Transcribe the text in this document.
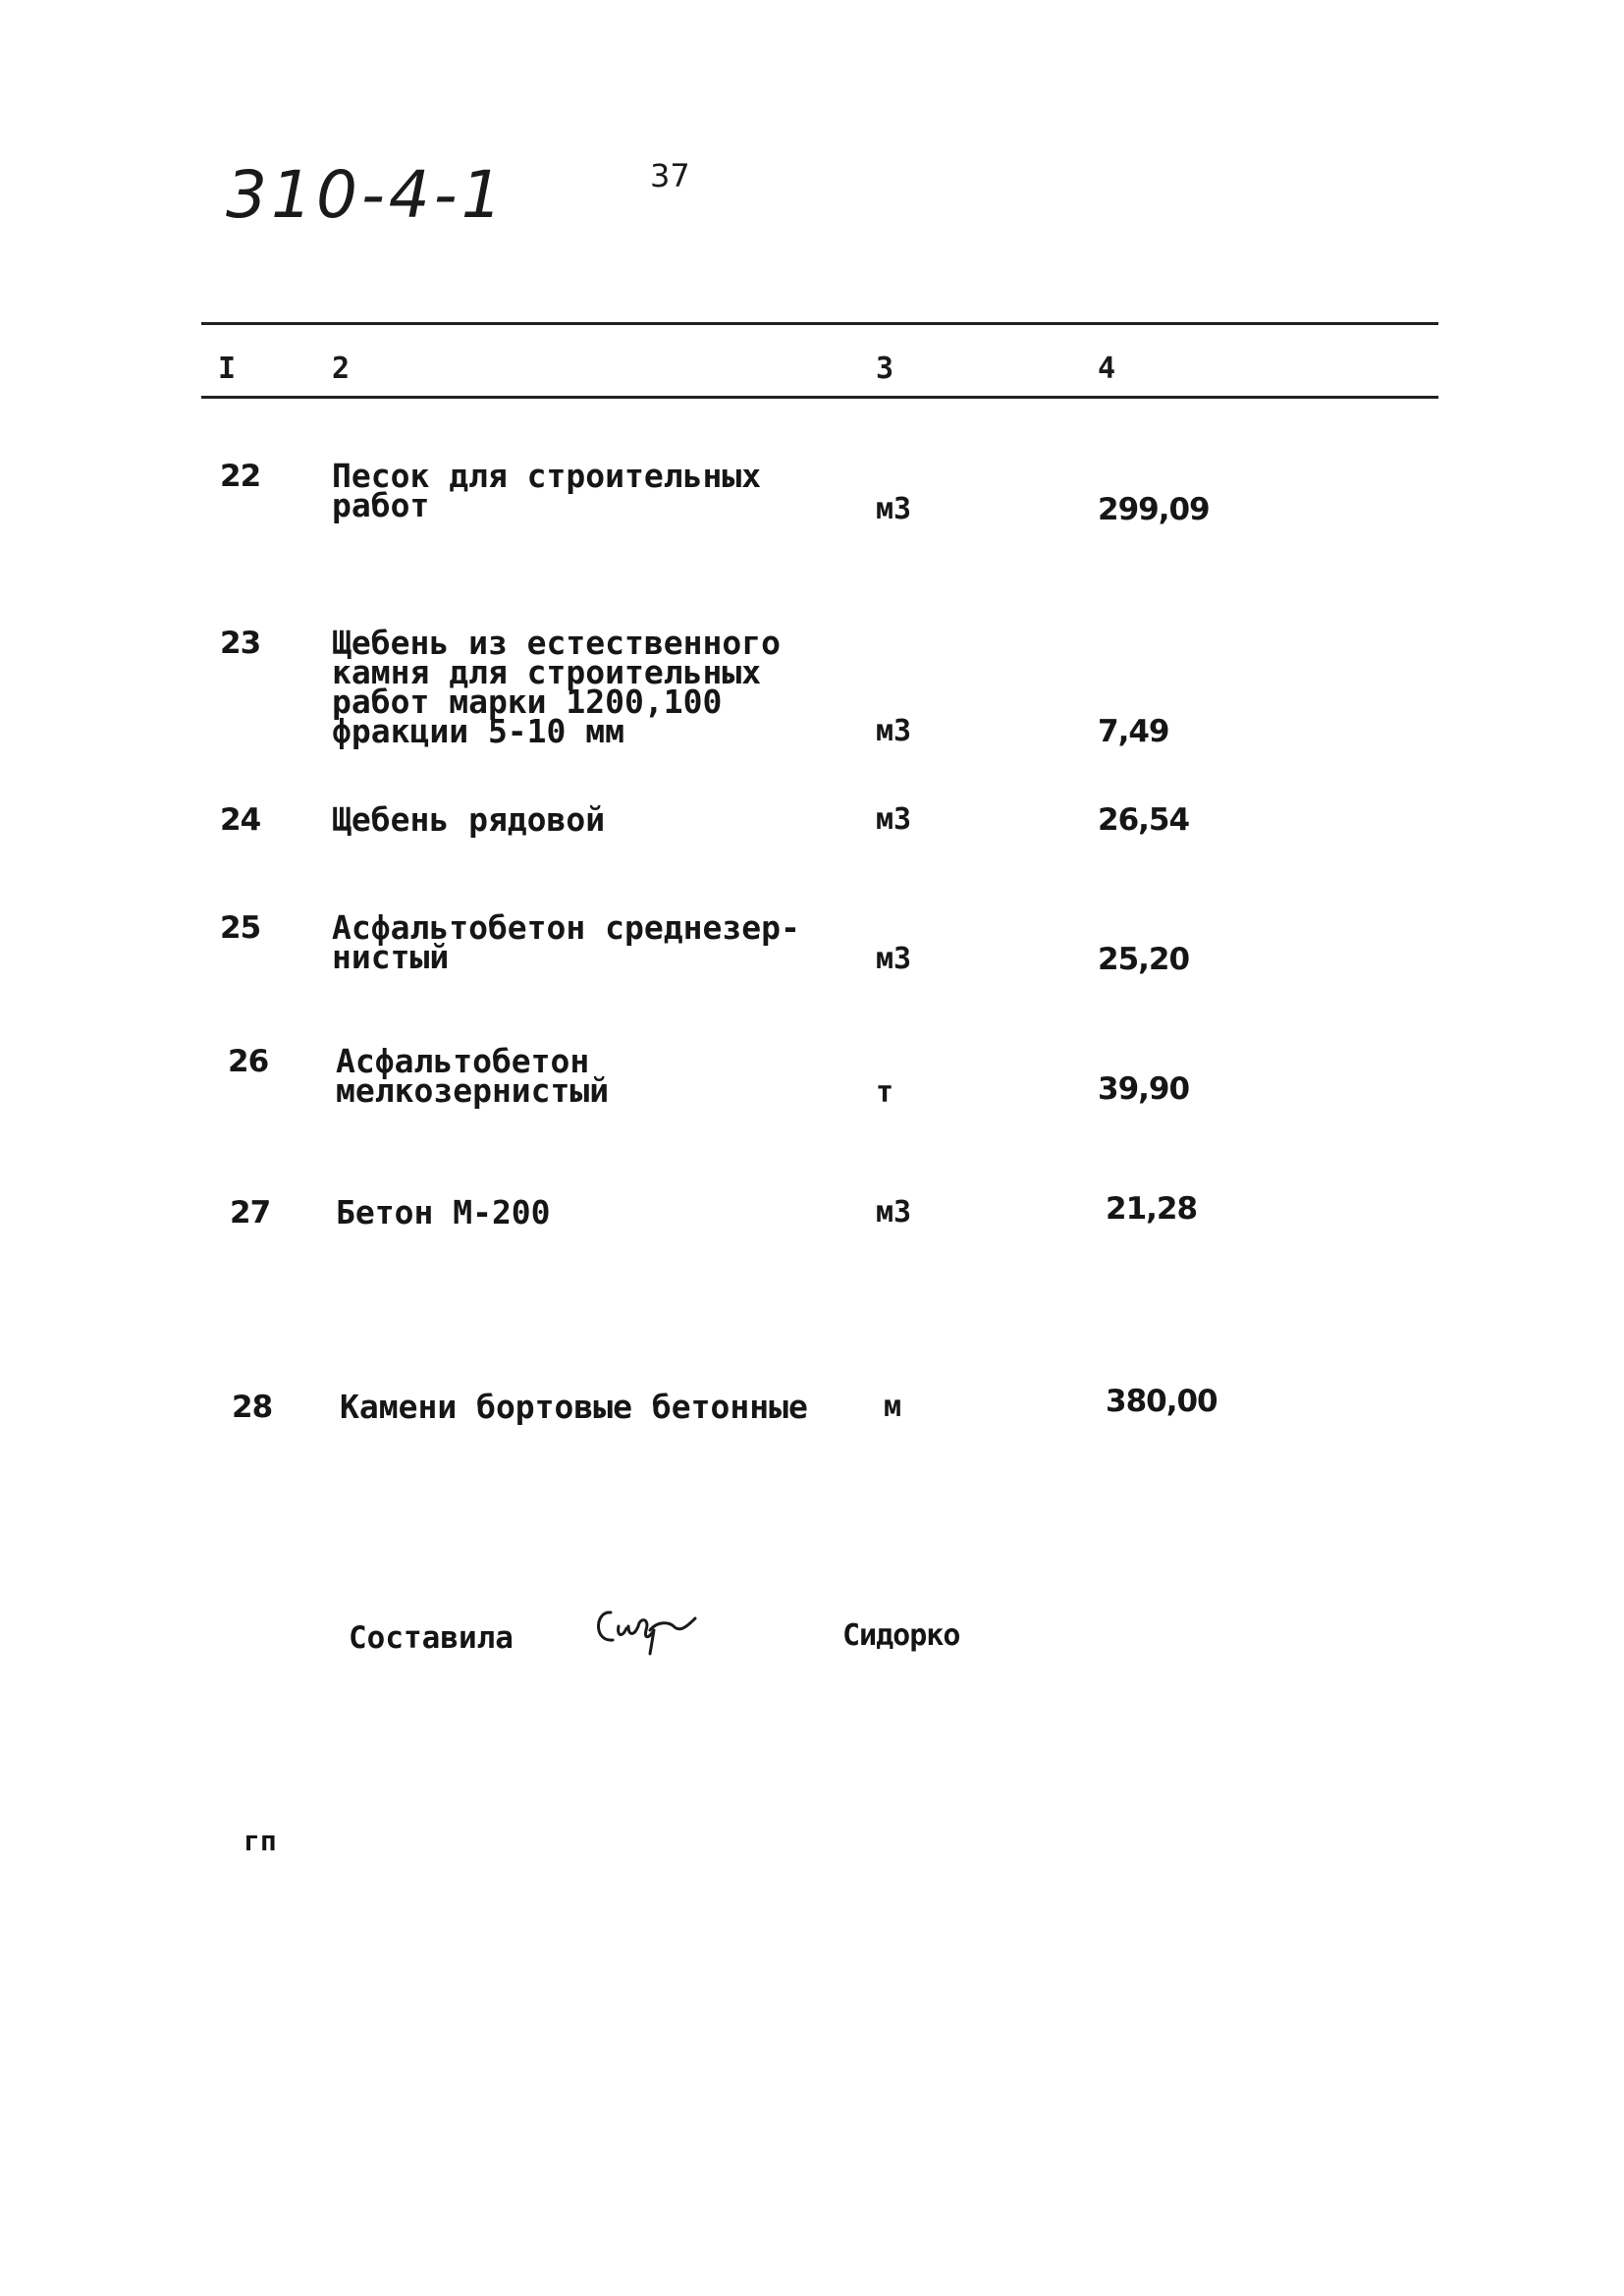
310-4-1	37
I	2	3	4
22 Песок для строительных
работ	м3	299,09
23 Щебень из естественного
камня для строительных
работ марки 1200,100
фракции 5-10 мм	м3	7,49
24 Щебень рядовой	м3	26,54
25 Асфальтобетон среднезер-
нистый	м3	25,20
26 Асфальтобетон
мелкозернистый	т	39,90
27 Бетон М-200	м3	21,28
28 Камени бортовые бетонные	м	380,00
Составила	Сидорко
гп
